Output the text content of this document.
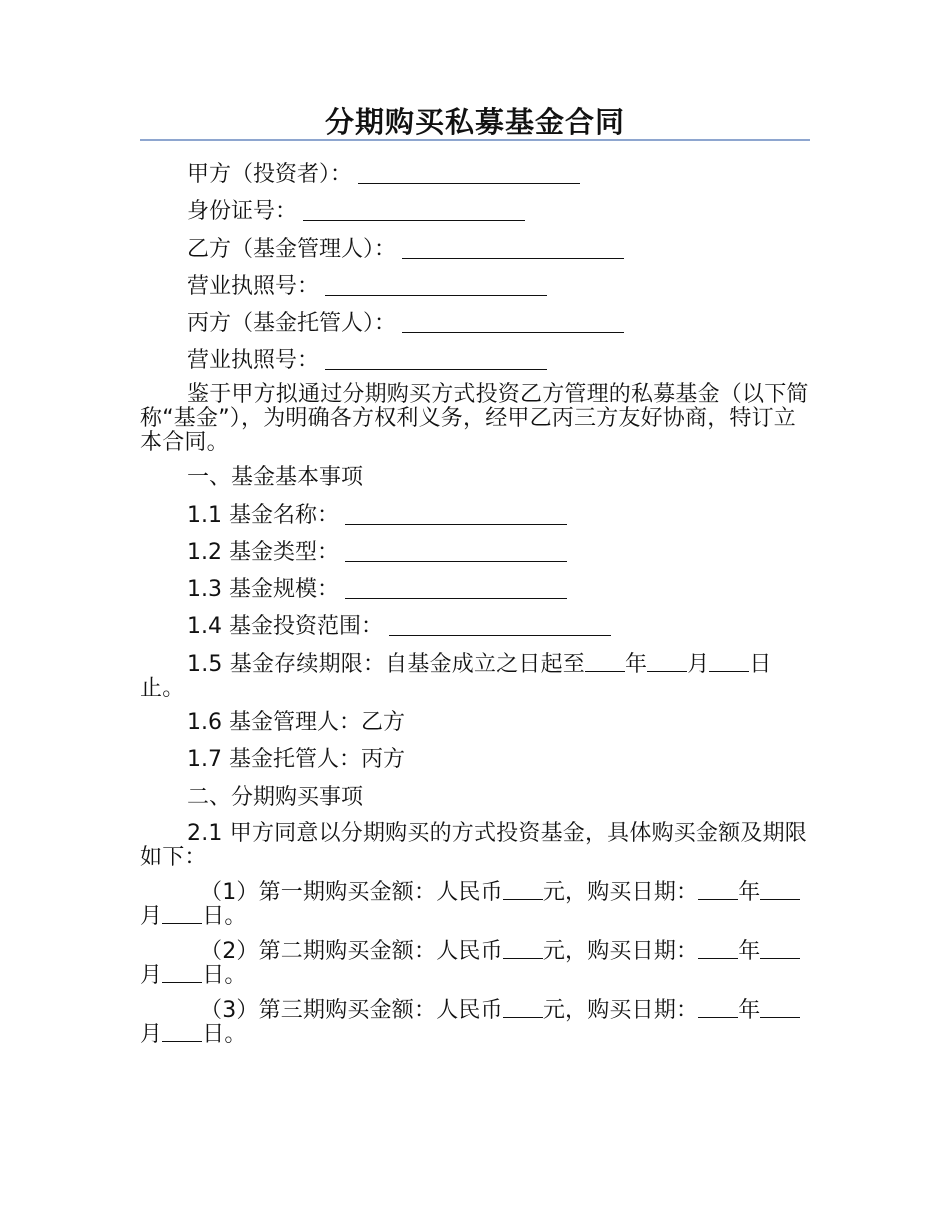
分期购买私募基金合同
甲方（投资者）：
身份证号：
乙方（基金管理人）：
营业执照号：
丙方（基金托管人）：
营业执照号：
鉴于甲方拟通过分期购买方式投资乙方管理的私募基金（以下简称“基金”），为明确各方权利义务，经甲乙丙三方友好协商，特订立本合同。
一、基金基本事项
1.1 基金名称：
1.2 基金类型：
1.3 基金规模：
1.4 基金投资范围：
1.5 基金存续期限：自基金成立之日起至 年 月 日止。
1.6 基金管理人：乙方
1.7 基金托管人：丙方
二、分期购买事项
2.1 甲方同意以分期购买的方式投资基金，具体购买金额及期限如下：
（1）第一期购买金额：人民币 元，购买日期： 年月 日。
（2）第二期购买金额：人民币 元，购买日期： 年月 日。
（3）第三期购买金额：人民币 元，购买日期： 年月 日。
